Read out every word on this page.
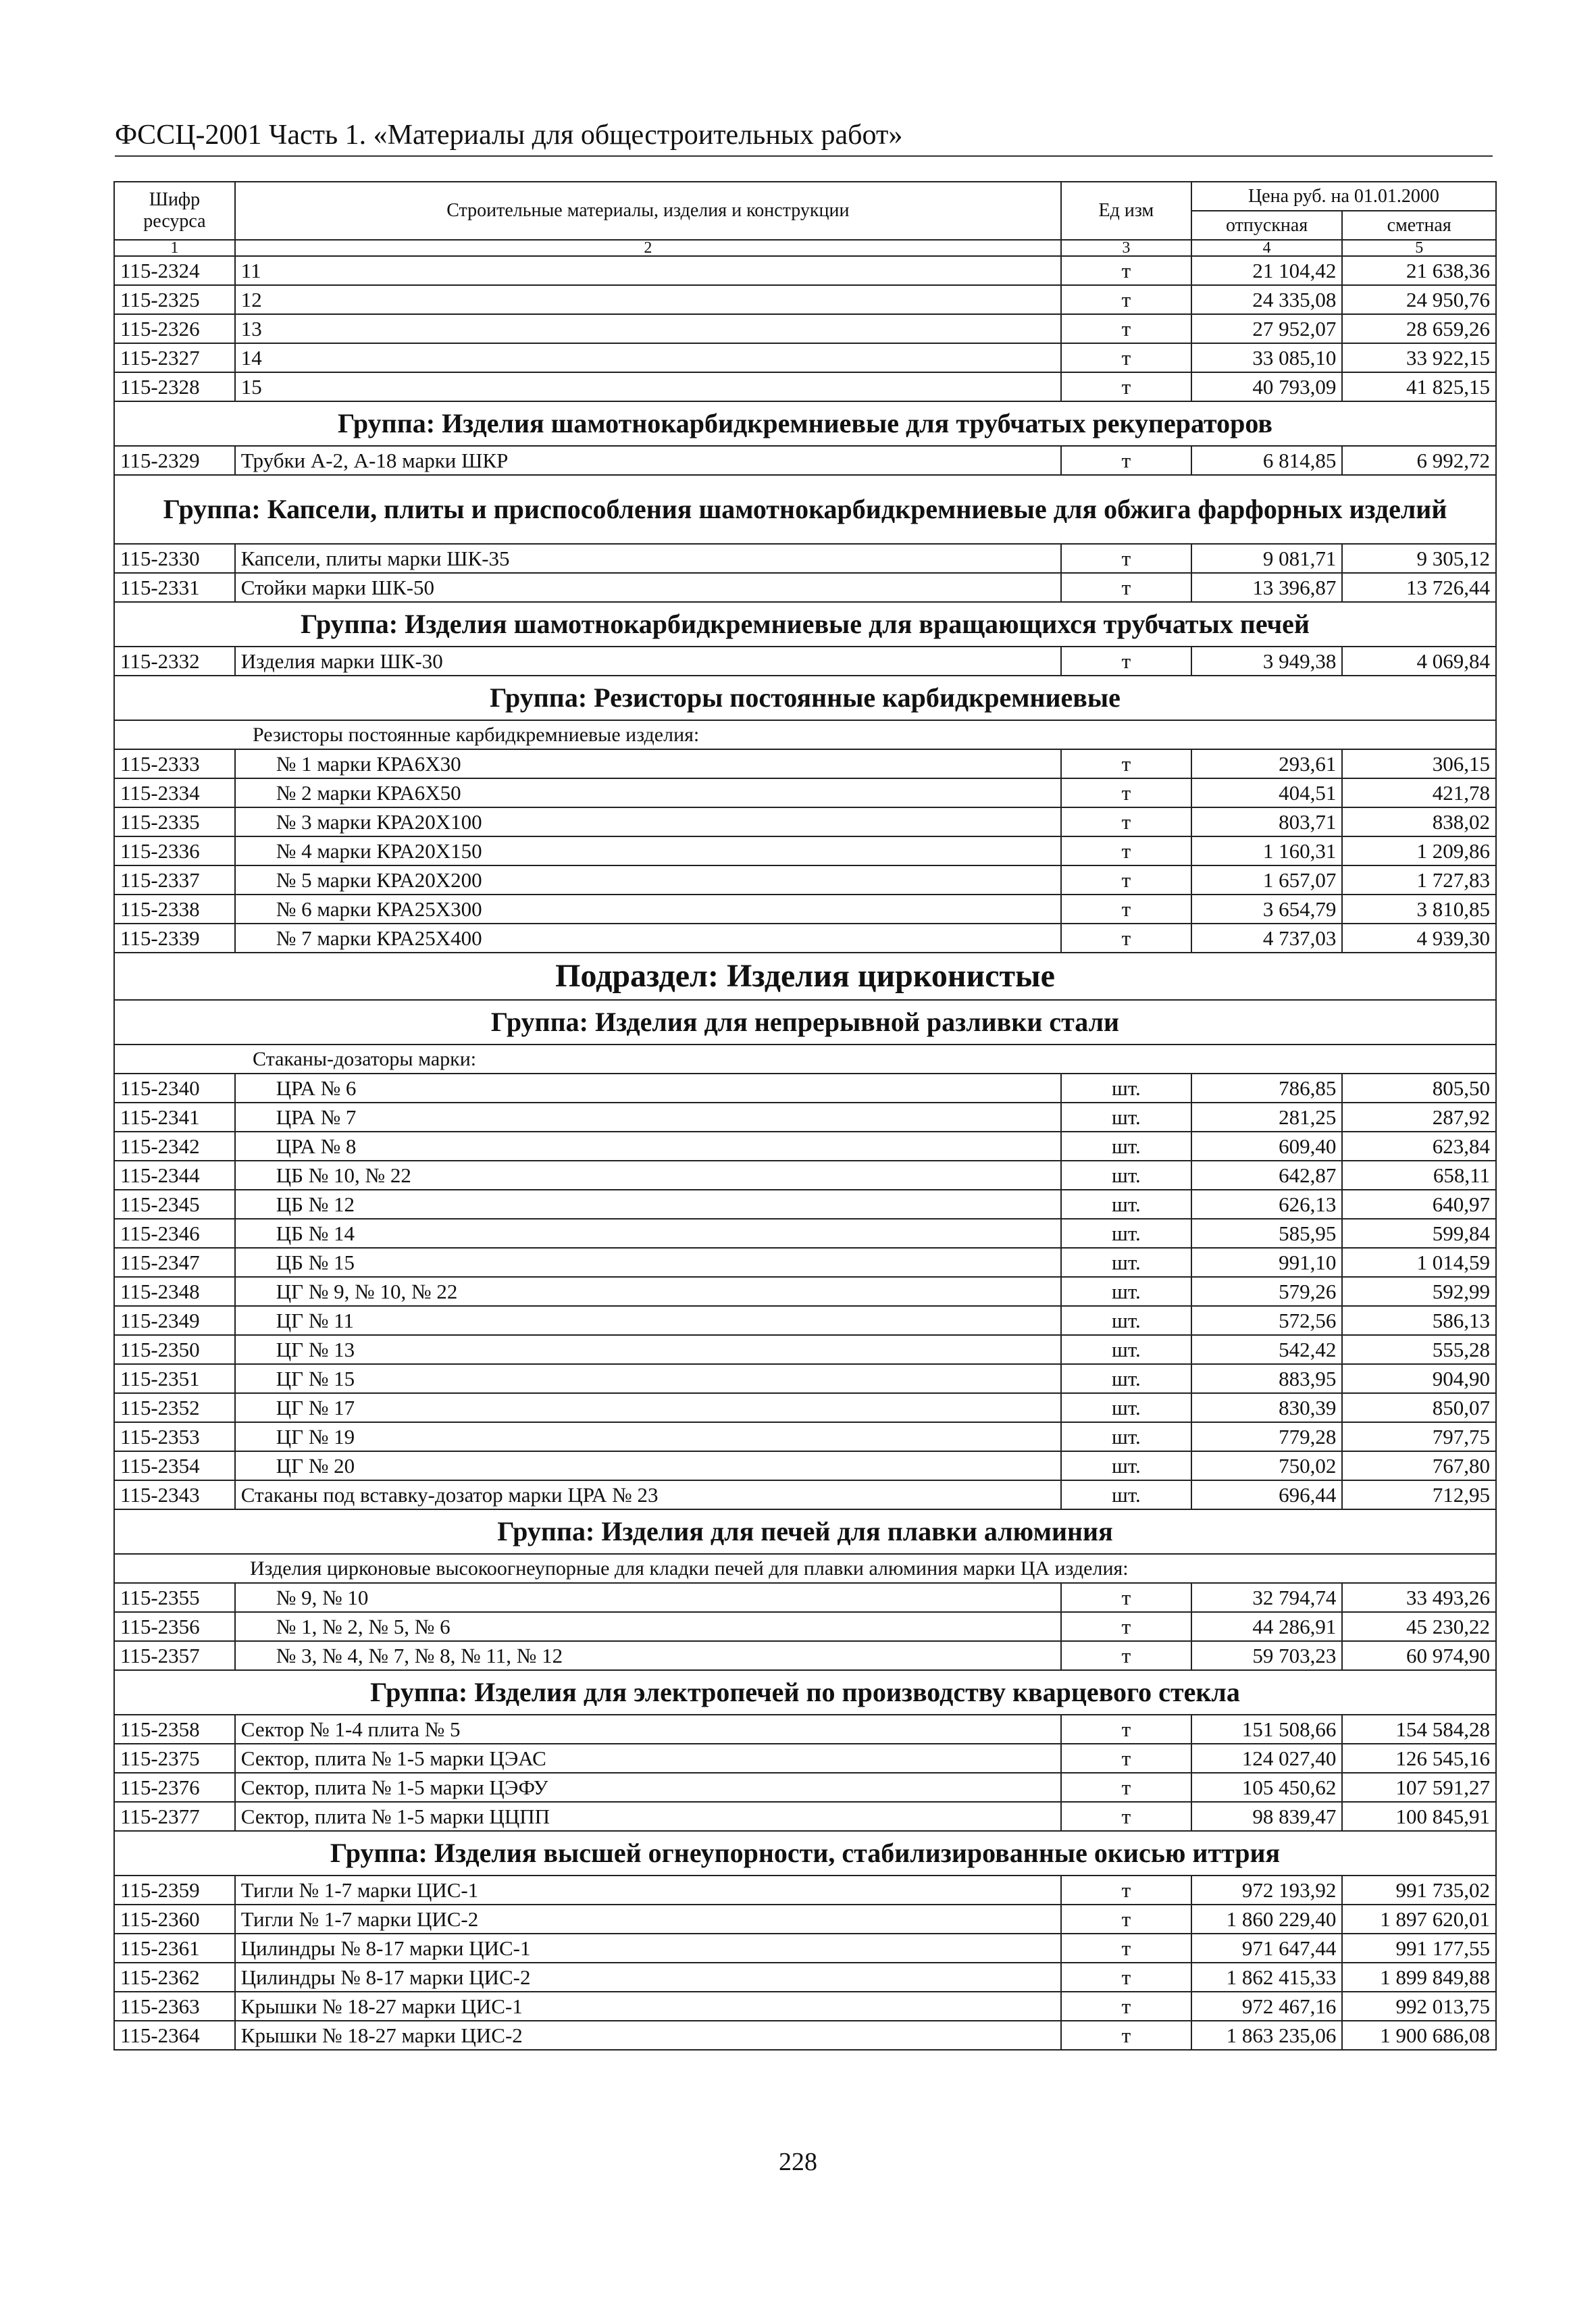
ФССЦ-2001 Часть 1. «Материалы для общестроительных работ»
Шифр ресурса	Строительные материалы, изделия и конструкции	Ед изм	Цена руб. на 01.01.2000	
			отпускная	сметная
1	2	3	4	5
115-2324	11	т	21 104,42	21 638,36
115-2325	12	т	24 335,08	24 950,76
115-2326	13	т	27 952,07	28 659,26
115-2327	14	т	33 085,10	33 922,15
115-2328	15	т	40 793,09	41 825,15
Группа: Изделия шамотнокарбидкремниевые для трубчатых рекуператоров				
115-2329	Трубки А-2, А-18 марки ШКР	т	6 814,85	6 992,72
Группа: Капсели, плиты и приспособления шамотнокарбидкремниевые для обжига фарфорных изделий				
115-2330	Капсели, плиты марки ШК-35	т	9 081,71	9 305,12
115-2331	Стойки марки ШК-50	т	13 396,87	13 726,44
Группа: Изделия шамотнокарбидкремниевые для вращающихся трубчатых печей				
115-2332	Изделия марки ШК-30	т	3 949,38	4 069,84
Группа: Резисторы постоянные карбидкремниевые				
Резисторы постоянные карбидкремниевые изделия:				
115-2333	№ 1 марки КРА6Х30	т	293,61	306,15
115-2334	№ 2 марки КРА6Х50	т	404,51	421,78
115-2335	№ 3 марки КРА20Х100	т	803,71	838,02
115-2336	№ 4 марки КРА20Х150	т	1 160,31	1 209,86
115-2337	№ 5 марки КРА20Х200	т	1 657,07	1 727,83
115-2338	№ 6 марки КРА25Х300	т	3 654,79	3 810,85
115-2339	№ 7 марки КРА25Х400	т	4 737,03	4 939,30
Подраздел: Изделия цирконистые				
Группа: Изделия для непрерывной разливки стали				
Стаканы-дозаторы марки:				
115-2340	ЦРА № 6	шт.	786,85	805,50
115-2341	ЦРА № 7	шт.	281,25	287,92
115-2342	ЦРА № 8	шт.	609,40	623,84
115-2344	ЦБ № 10, № 22	шт.	642,87	658,11
115-2345	ЦБ № 12	шт.	626,13	640,97
115-2346	ЦБ № 14	шт.	585,95	599,84
115-2347	ЦБ № 15	шт.	991,10	1 014,59
115-2348	ЦГ № 9, № 10, № 22	шт.	579,26	592,99
115-2349	ЦГ № 11	шт.	572,56	586,13
115-2350	ЦГ № 13	шт.	542,42	555,28
115-2351	ЦГ № 15	шт.	883,95	904,90
115-2352	ЦГ № 17	шт.	830,39	850,07
115-2353	ЦГ № 19	шт.	779,28	797,75
115-2354	ЦГ № 20	шт.	750,02	767,80
115-2343	Стаканы под вставку-дозатор марки ЦРА № 23	шт.	696,44	712,95
Группа: Изделия для печей для плавки алюминия				
Изделия цирконовые высокоогнеупорные для кладки печей для плавки алюминия марки ЦА изделия:				
115-2355	№ 9, № 10	т	32 794,74	33 493,26
115-2356	№ 1, № 2, № 5, № 6	т	44 286,91	45 230,22
115-2357	№ 3, № 4, № 7, № 8, № 11, № 12	т	59 703,23	60 974,90
Группа: Изделия для электропечей по производству кварцевого стекла				
115-2358	Сектор № 1-4 плита № 5	т	151 508,66	154 584,28
115-2375	Сектор, плита № 1-5 марки ЦЭАС	т	124 027,40	126 545,16
115-2376	Сектор, плита № 1-5 марки ЦЭФУ	т	105 450,62	107 591,27
115-2377	Сектор, плита № 1-5 марки ЦЦПП	т	98 839,47	100 845,91
Группа: Изделия высшей огнеупорности, стабилизированные окисью иттрия				
115-2359	Тигли № 1-7 марки ЦИС-1	т	972 193,92	991 735,02
115-2360	Тигли № 1-7 марки ЦИС-2	т	1 860 229,40	1 897 620,01
115-2361	Цилиндры № 8-17 марки ЦИС-1	т	971 647,44	991 177,55
115-2362	Цилиндры № 8-17 марки ЦИС-2	т	1 862 415,33	1 899 849,88
115-2363	Крышки № 18-27 марки ЦИС-1	т	972 467,16	992 013,75
115-2364	Крышки № 18-27 марки ЦИС-2	т	1 863 235,06	1 900 686,08
228
